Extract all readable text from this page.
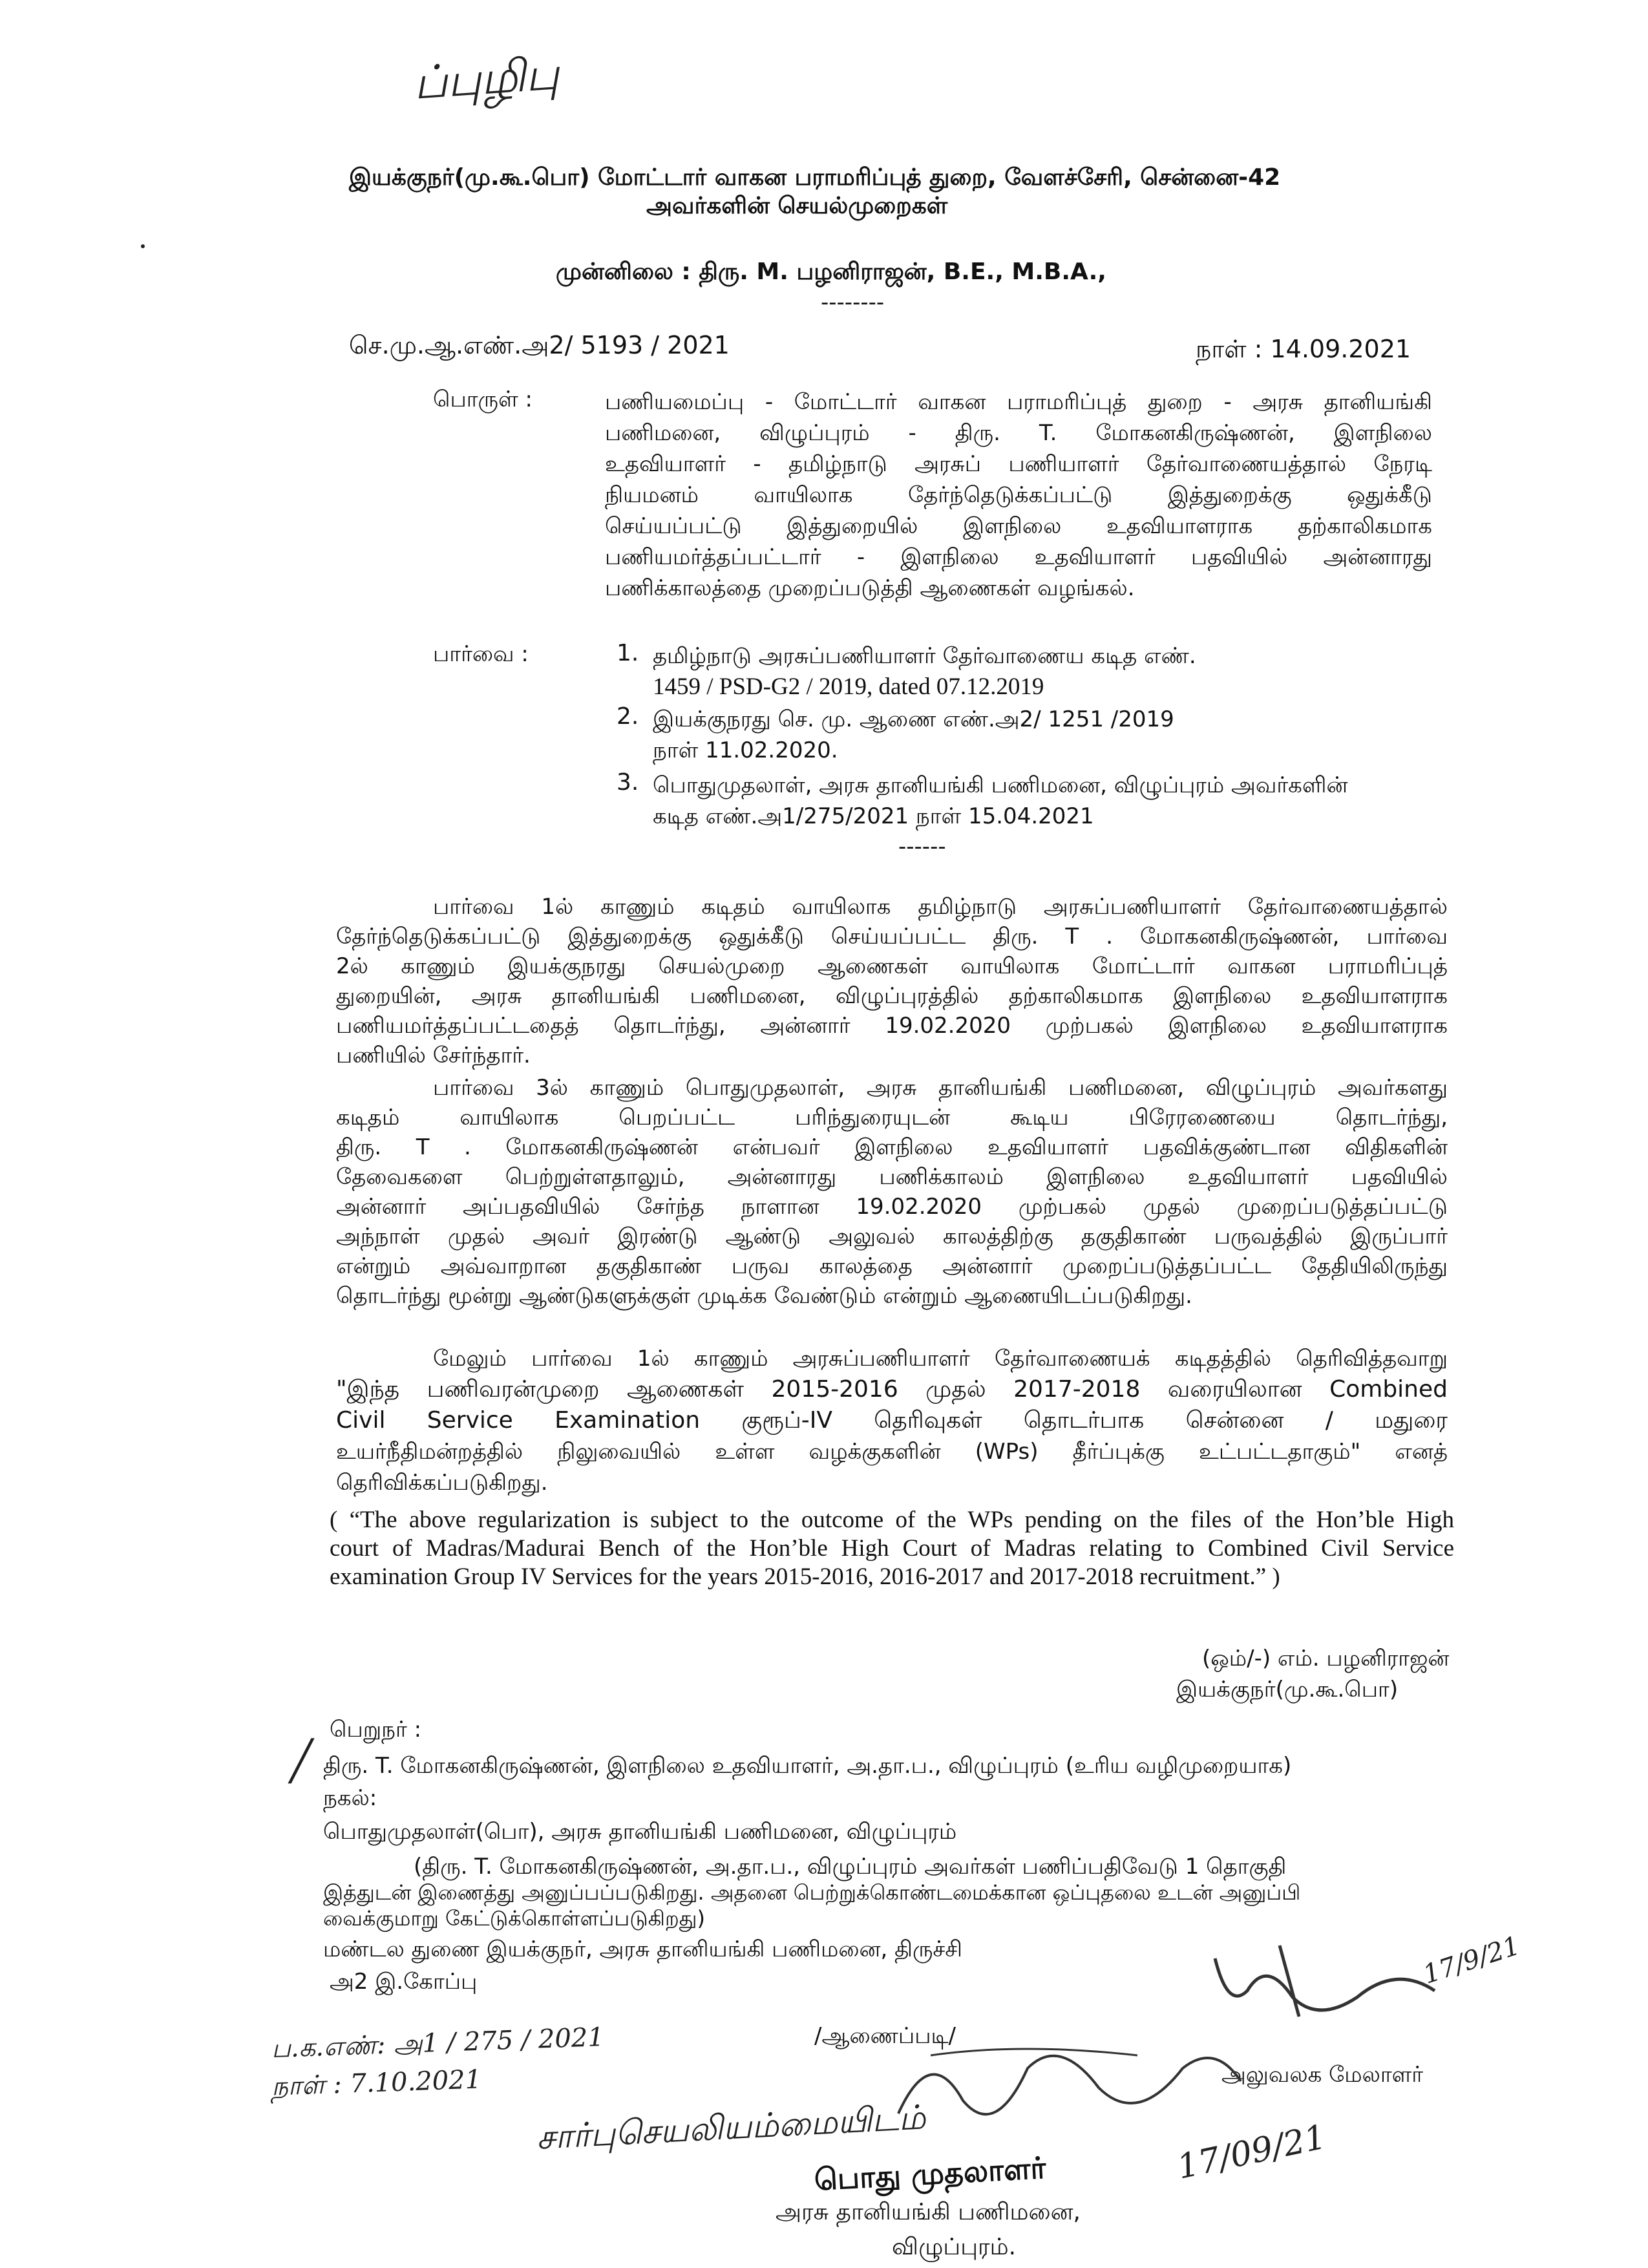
ப்புழிபு
இயக்குநர்(மு.கூ.பொ) மோட்டார் வாகன பராமரிப்புத் துறை, வேளச்சேரி, சென்னை-42
அவர்களின் செயல்முறைகள்
முன்னிலை : திரு. M. பழனிராஜன், B.E., M.B.A.,
--------
செ.மு.ஆ.எண்.அ2/ 5193 / 2021	நாள் : 14.09.2021
பொருள் :	பணியமைப்பு - மோட்டார் வாகன பராமரிப்புத் துறை - அரசு தானியங்கி
பணிமனை, விழுப்புரம் - திரு. T. மோகனகிருஷ்ணன், இளநிலை
உதவியாளர் - தமிழ்நாடு அரசுப் பணியாளர் தேர்வாணையத்தால் நேரடி
நியமனம் வாயிலாக தேர்ந்தெடுக்கப்பட்டு இத்துறைக்கு ஒதுக்கீடு
செய்யப்பட்டு இத்துறையில் இளநிலை உதவியாளராக தற்காலிகமாக
பணியமர்த்தப்பட்டார் - இளநிலை உதவியாளர் பதவியில் அன்னாரது
பணிக்காலத்தை முறைப்படுத்தி ஆணைகள் வழங்கல்.
பார்வை :	1. தமிழ்நாடு அரசுப்பணியாளர் தேர்வாணைய கடித எண்.
1459 / PSD-G2 / 2019, dated 07.12.2019
2. இயக்குநரது செ. மு. ஆணை எண்.அ2/ 1251 /2019
நாள் 11.02.2020.
3. பொதுமுதலாள், அரசு தானியங்கி பணிமனை, விழுப்புரம் அவர்களின்
கடித எண்.அ1/275/2021 நாள் 15.04.2021
------
பார்வை 1ல் காணும் கடிதம் வாயிலாக தமிழ்நாடு அரசுப்பணியாளர் தேர்வாணையத்தால்
தேர்ந்தெடுக்கப்பட்டு இத்துறைக்கு ஒதுக்கீடு செய்யப்பட்ட திரு. T . மோகனகிருஷ்ணன், பார்வை
2ல் காணும் இயக்குநரது செயல்முறை ஆணைகள் வாயிலாக மோட்டார் வாகன பராமரிப்புத்
துறையின், அரசு தானியங்கி பணிமனை, விழுப்புரத்தில் தற்காலிகமாக இளநிலை உதவியாளராக
பணியமர்த்தப்பட்டதைத் தொடர்ந்து, அன்னார் 19.02.2020 முற்பகல் இளநிலை உதவியாளராக
பணியில் சேர்ந்தார்.
பார்வை 3ல் காணும் பொதுமுதலாள், அரசு தானியங்கி பணிமனை, விழுப்புரம் அவர்களது
கடிதம் வாயிலாக பெறப்பட்ட பரிந்துரையுடன் கூடிய பிரேரணையை தொடர்ந்து,
திரு. T . மோகனகிருஷ்ணன் என்பவர் இளநிலை உதவியாளர் பதவிக்குண்டான விதிகளின்
தேவைகளை பெற்றுள்ளதாலும், அன்னாரது பணிக்காலம் இளநிலை உதவியாளர் பதவியில்
அன்னார் அப்பதவியில் சேர்ந்த நாளான 19.02.2020 முற்பகல் முதல் முறைப்படுத்தப்பட்டு
அந்நாள் முதல் அவர் இரண்டு ஆண்டு அலுவல் காலத்திற்கு தகுதிகாண் பருவத்தில் இருப்பார்
என்றும் அவ்வாறான தகுதிகாண் பருவ காலத்தை அன்னார் முறைப்படுத்தப்பட்ட தேதியிலிருந்து
தொடர்ந்து மூன்று ஆண்டுகளுக்குள் முடிக்க வேண்டும் என்றும் ஆணையிடப்படுகிறது.
மேலும் பார்வை 1ல் காணும் அரசுப்பணியாளர் தேர்வாணையக் கடிதத்தில் தெரிவித்தவாறு
"இந்த பணிவரன்முறை ஆணைகள் 2015-2016 முதல் 2017-2018 வரையிலான Combined
Civil Service Examination குரூப்-IV தெரிவுகள் தொடர்பாக சென்னை / மதுரை
உயர்நீதிமன்றத்தில் நிலுவையில் உள்ள வழக்குகளின் (WPs) தீர்ப்புக்கு உட்பட்டதாகும்" எனத்
தெரிவிக்கப்படுகிறது.
( “The above regularization is subject to the outcome of the WPs pending on the files of the Hon’ble High
court of Madras/Madurai Bench of the Hon’ble High Court of Madras relating to Combined Civil Service
examination Group IV Services for the years 2015-2016, 2016-2017 and 2017-2018 recruitment.” )
(ஒம்/-) எம். பழனிராஜன்
இயக்குநர்(மு.கூ.பொ)
பெறுநர் :
╱ திரு. T. மோகனகிருஷ்ணன், இளநிலை உதவியாளர், அ.தா.ப., விழுப்புரம் (உரிய வழிமுறையாக)
நகல்:
பொதுமுதலாள்(பொ), அரசு தானியங்கி பணிமனை, விழுப்புரம்
(திரு. T. மோகனகிருஷ்ணன், அ.தா.ப., விழுப்புரம் அவர்கள் பணிப்பதிவேடு 1 தொகுதி
இத்துடன் இணைத்து அனுப்பப்படுகிறது. அதனை பெற்றுக்கொண்டமைக்கான ஒப்புதலை உடன் அனுப்பி
வைக்குமாறு கேட்டுக்கொள்ளப்படுகிறது)
மண்டல துணை இயக்குநர், அரசு தானியங்கி பணிமனை, திருச்சி
அ2 இ.கோப்பு
/ஆணைப்படி/
அலுவலக மேலாளர்
17/9/21
ப.க.எண்: அ1 / 275 / 2021
நாள் : 7.10.2021
சார்புசெயலியம்மையிடம்
பொது முதலாளர்	17/09/21
அரசு தானியங்கி பணிமனை,
விழுப்புரம்.
